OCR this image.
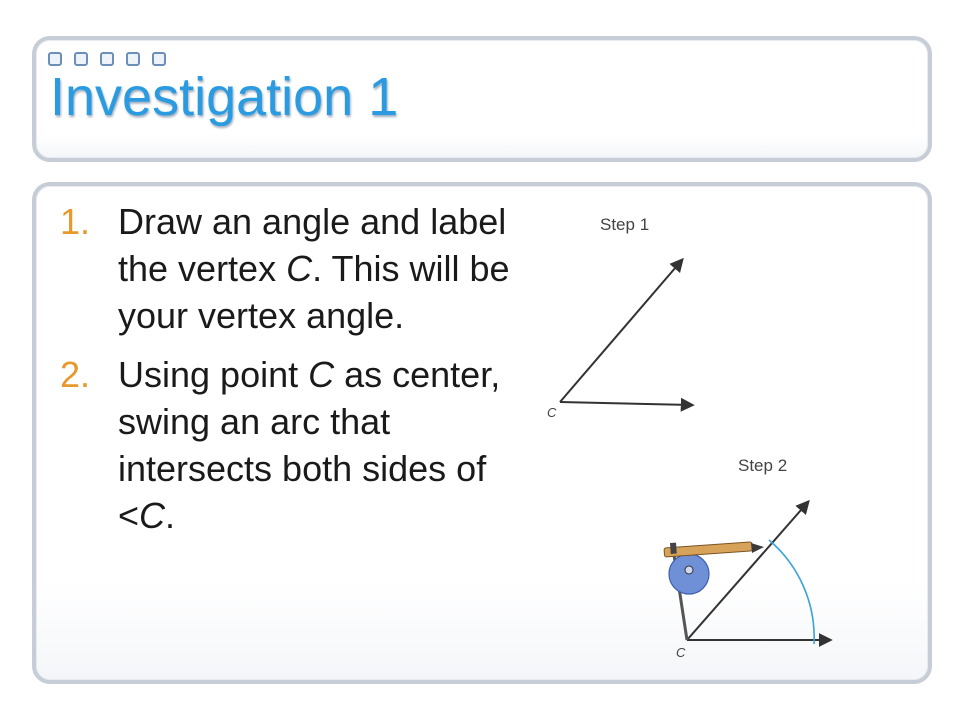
Investigation 1
1. Draw an angle and label the vertex C. This will be your vertex angle.
2. Using point C as center, swing an arc that intersects both sides of <C.
Step 1
C
Step 2
C
